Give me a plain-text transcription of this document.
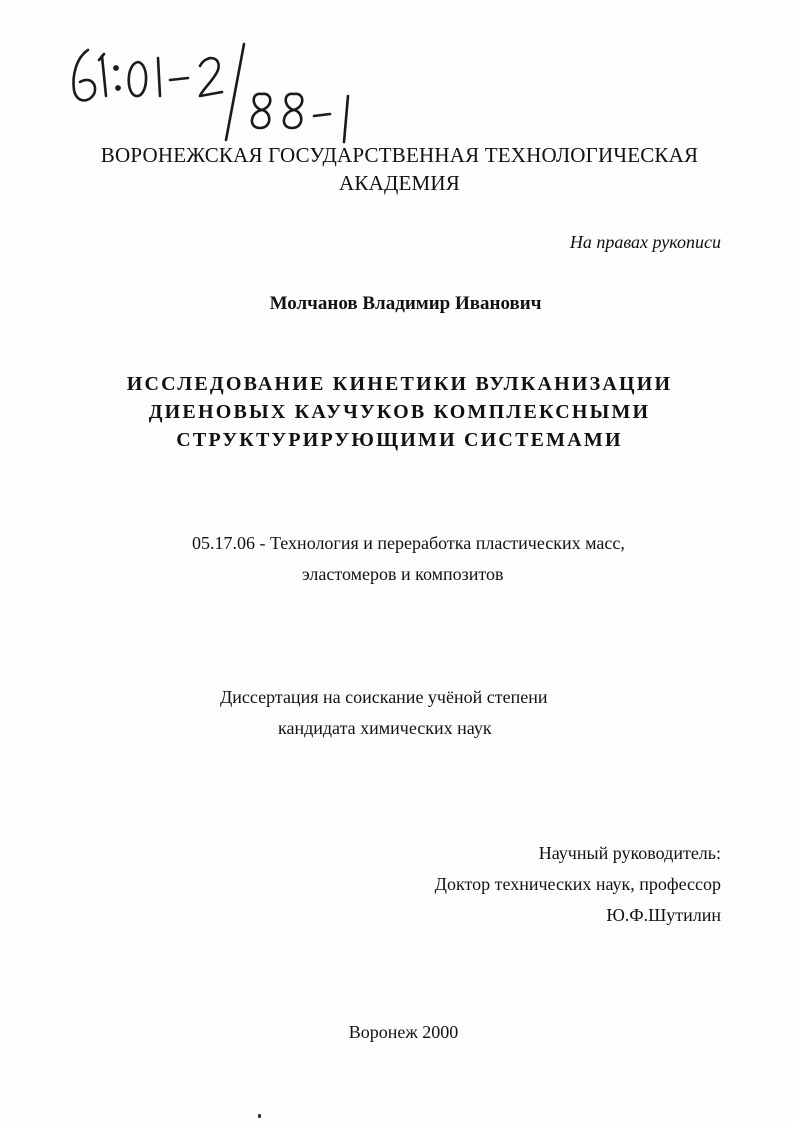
ВОРОНЕЖСКАЯ ГОСУДАРСТВЕННАЯ ТЕХНОЛОГИЧЕСКАЯ
АКАДЕМИЯ
На правах рукописи
Молчанов Владимир Иванович
ИССЛЕДОВАНИЕ КИНЕТИКИ ВУЛКАНИЗАЦИИ
ДИЕНОВЫХ КАУЧУКОВ КОМПЛЕКСНЫМИ
СТРУКТУРИРУЮЩИМИ СИСТЕМАМИ
05.17.06 - Технология и переработка пластических масс,
эластомеров и композитов
Диссертация на соискание учёной степени
кандидата химических наук
Научный руководитель:
Доктор технических наук, профессор
Ю.Ф.Шутилин
Воронеж 2000
